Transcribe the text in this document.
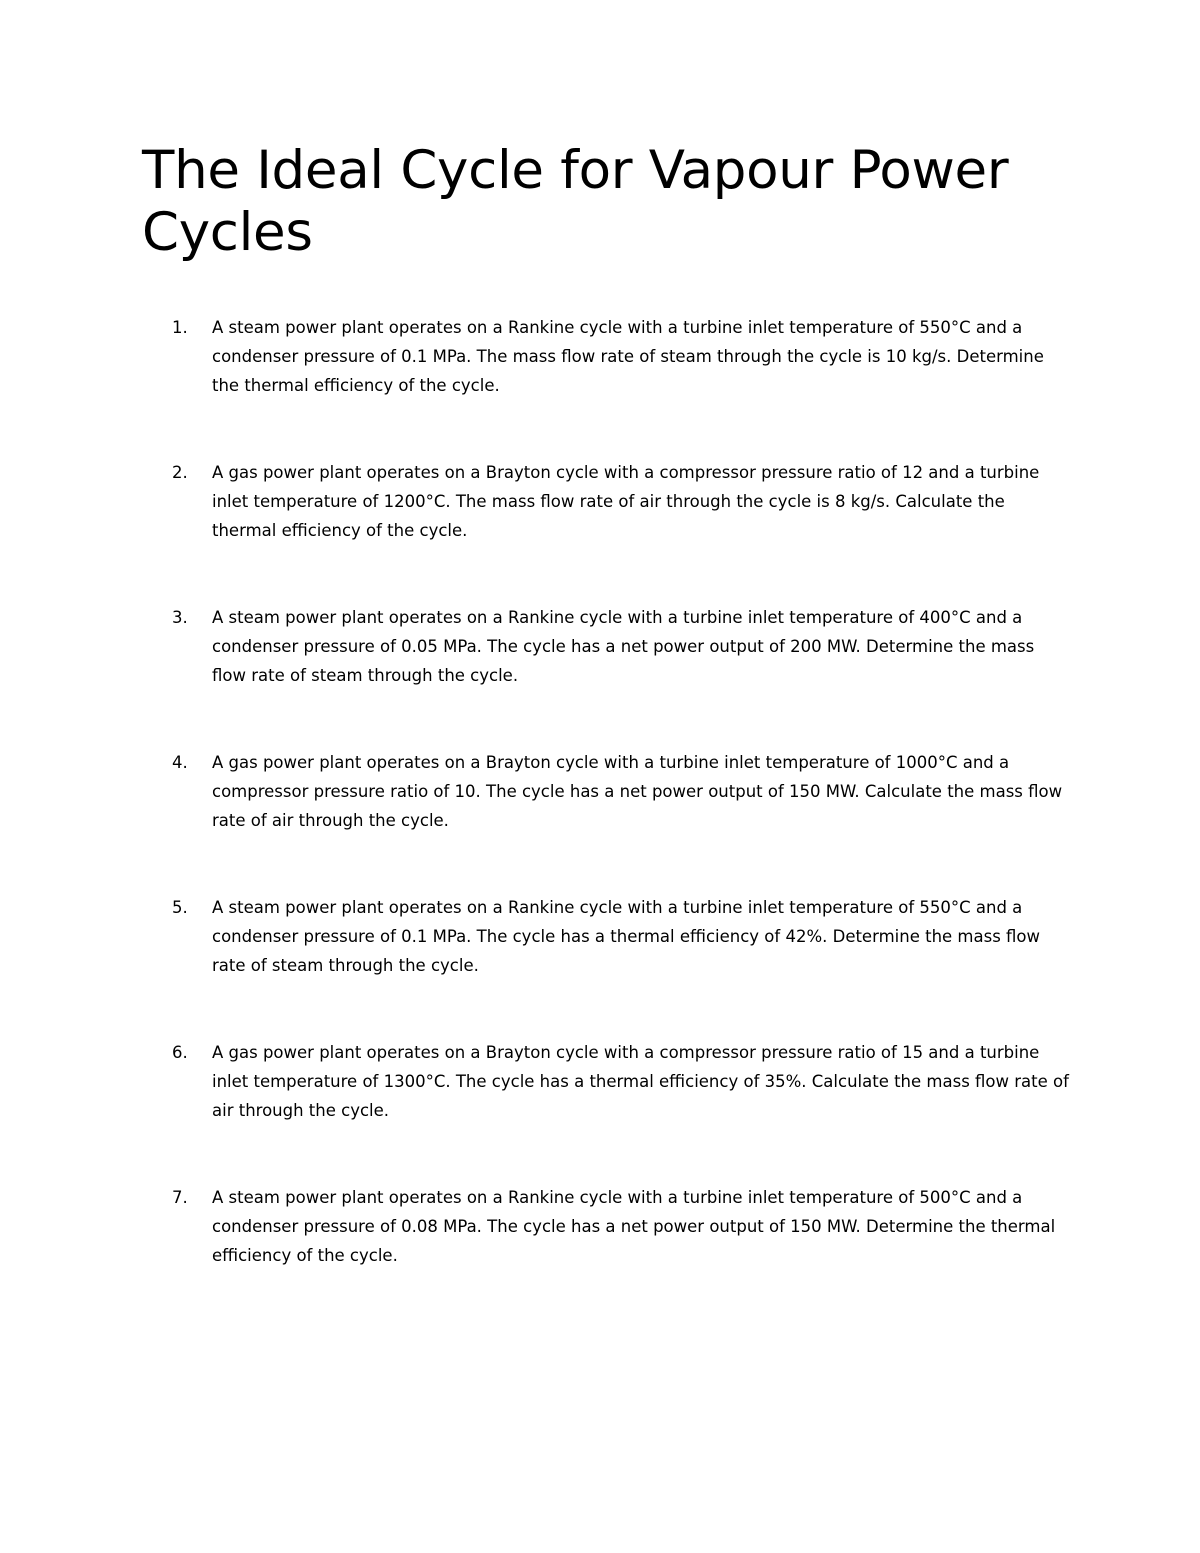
The Ideal Cycle for Vapour Power Cycles
1.	A steam power plant operates on a Rankine cycle with a turbine inlet temperature of 550°C and a condenser pressure of 0.1 MPa. The mass flow rate of steam through the cycle is 10 kg/s. Determine the thermal efficiency of the cycle.
2.	A gas power plant operates on a Brayton cycle with a compressor pressure ratio of 12 and a turbine inlet temperature of 1200°C. The mass flow rate of air through the cycle is 8 kg/s. Calculate the thermal efficiency of the cycle.
3.	A steam power plant operates on a Rankine cycle with a turbine inlet temperature of 400°C and a condenser pressure of 0.05 MPa. The cycle has a net power output of 200 MW. Determine the mass flow rate of steam through the cycle.
4.	A gas power plant operates on a Brayton cycle with a turbine inlet temperature of 1000°C and a compressor pressure ratio of 10. The cycle has a net power output of 150 MW. Calculate the mass flow rate of air through the cycle.
5.	A steam power plant operates on a Rankine cycle with a turbine inlet temperature of 550°C and a condenser pressure of 0.1 MPa. The cycle has a thermal efficiency of 42%. Determine the mass flow rate of steam through the cycle.
6.	A gas power plant operates on a Brayton cycle with a compressor pressure ratio of 15 and a turbine inlet temperature of 1300°C. The cycle has a thermal efficiency of 35%. Calculate the mass flow rate of air through the cycle.
7.	A steam power plant operates on a Rankine cycle with a turbine inlet temperature of 500°C and a condenser pressure of 0.08 MPa. The cycle has a net power output of 150 MW. Determine the thermal efficiency of the cycle.
